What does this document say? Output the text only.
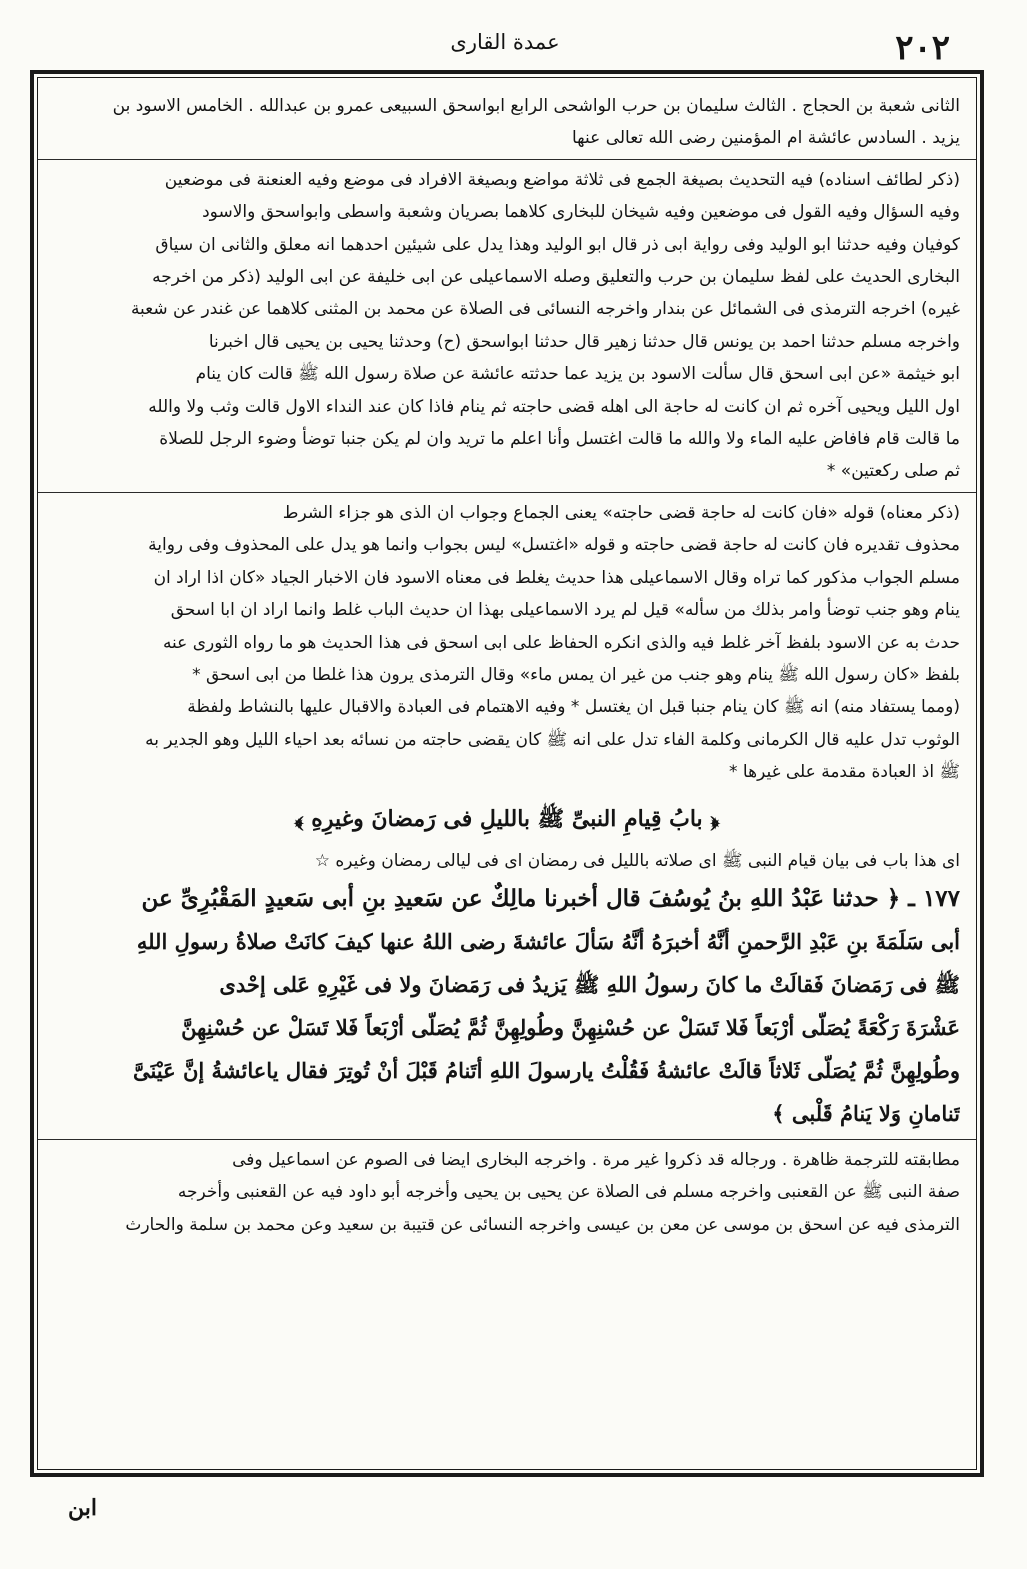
٢٠٢
عمدة القارى

الثانى شعبة بن الحجاج . الثالث سليمان بن حرب الواشحى الرابع ابواسحق السبيعى عمرو بن عبدالله . الخامس الاسود بن
يزيد . السادس عائشة ام المؤمنين رضى الله تعالى عنها

(ذكر لطائف اسناده) فيه التحديث بصيغة الجمع فى ثلاثة مواضع وبصيغة الافراد فى موضع وفيه العنعنة فى موضعين
وفيه السؤال وفيه القول فى موضعين وفيه شيخان للبخارى كلاهما بصريان وشعبة واسطى وابواسحق والاسود
كوفيان وفيه حدثنا ابو الوليد وفى رواية ابى ذر قال ابو الوليد وهذا يدل على شيئين احدهما انه معلق والثانى ان سياق
البخارى الحديث على لفظ سليمان بن حرب والتعليق وصله الاسماعيلى عن ابى خليفة عن ابى الوليد (ذكر من اخرجه
غيره) اخرجه الترمذى فى الشمائل عن بندار واخرجه النسائى فى الصلاة عن محمد بن المثنى كلاهما عن غندر عن شعبة
واخرجه مسلم حدثنا احمد بن يونس قال حدثنا زهير قال حدثنا ابواسحق (ح) وحدثنا يحيى بن يحيى قال اخبرنا
ابو خيثمة «عن ابى اسحق قال سألت الاسود بن يزيد عما حدثته عائشة عن صلاة رسول الله ﷺ قالت كان ينام
اول الليل ويحيى آخره ثم ان كانت له حاجة الى اهله قضى حاجته ثم ينام فاذا كان عند النداء الاول قالت وثب ولا والله
ما قالت قام فافاض عليه الماء ولا والله ما قالت اغتسل وأنا اعلم ما تريد وان لم يكن جنبا توضأ وضوء الرجل للصلاة
ثم صلى ركعتين» *

(ذكر معناه) قوله «فان كانت له حاجة قضى حاجته» يعنى الجماع وجواب ان الذى هو جزاء الشرط
محذوف تقديره فان كانت له حاجة قضى حاجته و قوله «اغتسل» ليس بجواب وانما هو يدل على المحذوف وفى رواية
مسلم الجواب مذكور كما تراه وقال الاسماعيلى هذا حديث يغلط فى معناه الاسود فان الاخبار الجياد «كان اذا اراد ان
ينام وهو جنب توضأ وامر بذلك من سأله» قيل لم يرد الاسماعيلى بهذا ان حديث الباب غلط وانما اراد ان ابا اسحق
حدث به عن الاسود بلفظ آخر غلط فيه والذى انكره الحفاظ على ابى اسحق فى هذا الحديث هو ما رواه الثورى عنه
بلفظ «كان رسول الله ﷺ ينام وهو جنب من غير ان يمس ماء» وقال الترمذى يرون هذا غلطا من ابى اسحق *

(ومما يستفاد منه) انه ﷺ كان ينام جنبا قبل ان يغتسل * وفيه الاهتمام فى العبادة والاقبال عليها بالنشاط ولفظة
الوثوب تدل عليه قال الكرمانى وكلمة الفاء تدل على انه ﷺ كان يقضى حاجته من نسائه بعد احياء الليل وهو الجدير به
ﷺ اذ العبادة مقدمة على غيرها *

﴿ بابُ قِيامِ النبىِّ ﷺ بالليلِ فى رَمضانَ وغيرِهِ ﴾

اى هذا باب فى بيان قيام النبى ﷺ اى صلاته بالليل فى رمضان اى فى ليالى رمضان وغيره ☆

١٧٧ ـ ﴿ حدثنا عَبْدُ اللهِ بنُ يُوسُفَ قال أخبرنا مالِكٌ عن سَعيدِ بنِ أبى سَعيدٍ المَقْبُرِىِّ عن
أبى سَلَمَةَ بنِ عَبْدِ الرَّحمنِ أنَّهُ أخبرَهُ أنَّهُ سَألَ عائشةَ رضى اللهُ عنها كيفَ كانَتْ صلاةُ رسولِ اللهِ
ﷺ فى رَمَضانَ فَقالَتْ ما كانَ رسولُ اللهِ ﷺ يَزيدُ فى رَمَضانَ ولا فى غَيْرِهِ عَلى إحْدى
عَشْرَةَ رَكْعَةً يُصَلّى أرْبَعاً فَلا تَسَلْ عن حُسْنِهِنَّ وطُولِهِنَّ ثُمَّ يُصَلّى أرْبَعاً فَلا تَسَلْ عن حُسْنِهِنَّ
وطُولِهِنَّ ثُمَّ يُصَلّى ثَلاثاً قالَتْ عائشةُ فَقُلْتُ يارسولَ اللهِ أتَنامُ قَبْلَ أنْ تُوتِرَ فقال ياعائشةُ إنَّ عَيْنَىَّ
تَنامانِ وَلا يَنامُ قَلْبى ﴾

مطابقته للترجمة ظاهرة . ورجاله قد ذكروا غير مرة . واخرجه البخارى ايضا فى الصوم عن اسماعيل وفى
صفة النبى ﷺ عن القعنبى واخرجه مسلم فى الصلاة عن يحيى بن يحيى وأخرجه أبو داود فيه عن القعنبى وأخرجه
الترمذى فيه عن اسحق بن موسى عن معن بن عيسى واخرجه النسائى عن قتيبة بن سعيد وعن محمد بن سلمة والحارث

ابن
